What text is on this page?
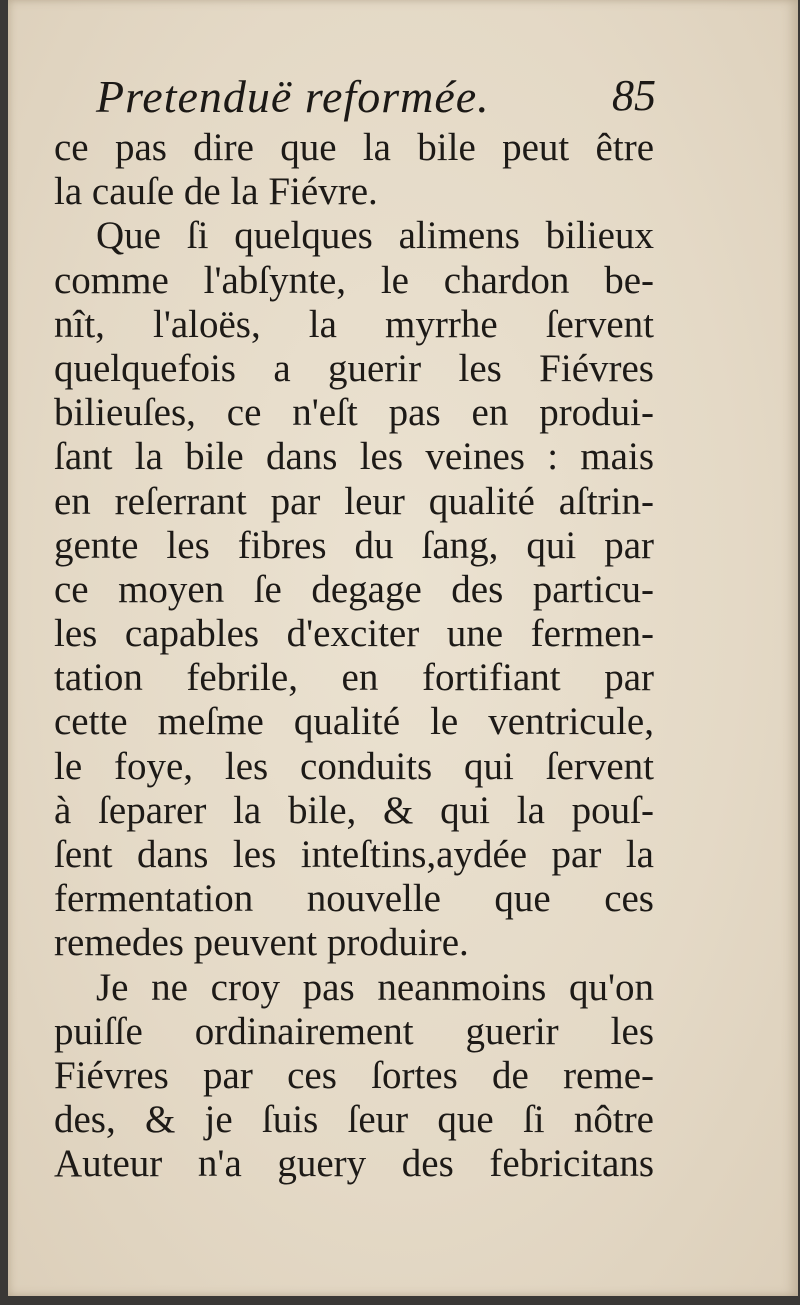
Pretenduë reformée.	85
ce pas dire que la bile peut être
la cauſe de la Fiévre.
Que ſi quelques alimens bilieux
comme l'abſynte, le chardon be-
nît, l'aloës, la myrrhe ſervent
quelquefois a guerir les Fiévres
bilieuſes, ce n'eſt pas en produi-
ſant la bile dans les veines : mais
en reſerrant par leur qualité aſtrin-
gente les fibres du ſang, qui par
ce moyen ſe degage des particu-
les capables d'exciter une fermen-
tation febrile, en fortifiant par
cette meſme qualité le ventricule,
le foye, les conduits qui ſervent
à ſeparer la bile, & qui la pouſ-
ſent dans les inteſtins,aydée par la
fermentation nouvelle que ces
remedes peuvent produire.
Je ne croy pas neanmoins qu'on
puiſſe ordinairement guerir les
Fiévres par ces ſortes de reme-
des, & je ſuis ſeur que ſi nôtre
Auteur n'a guery des febricitans
